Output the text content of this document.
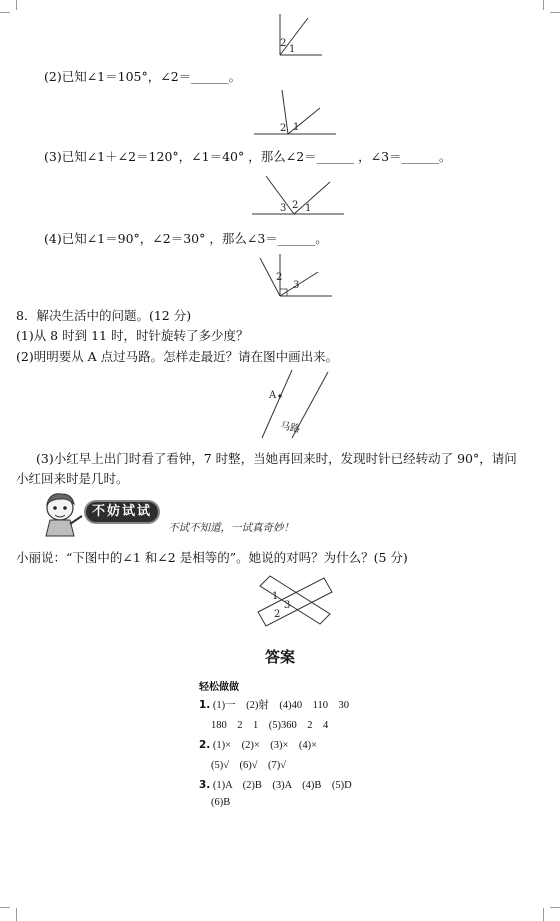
2
1
(2)已知∠1＝105°，∠2＝______。
2 1
(3)已知∠1＋∠2＝120°，∠1＝40° ，那么∠2＝______ ，∠3＝______。
3 2 1
(4)已知∠1＝90°，∠2＝30° ，那么∠3＝______。
2
3
8．解决生活中的问题。(12 分)
(1)从 8 时到 11 时，时针旋转了多少度？
(2)明明要从 A 点过马路。怎样走最近？请在图中画出来。
A
马路
(3)小红早上出门时看了看钟，7 时整，当她再回来时，发现时针已经转动了 90°，请问
小红回来时是几时。
不妨试试
不试不知道，一试真奇妙！
小丽说：“下图中的∠1 和∠2 是相等的”。她说的对吗？为什么？(5 分)
1
3
2
答案
轻松做做
1. (1)一　(2)射　(4)40　110　30
180　2　1　(5)360　2　4
2. (1)×　(2)×　(3)×　(4)×
(5)√　(6)√　(7)√
3. (1)A　(2)B　(3)A　(4)B　(5)D
(6)B
